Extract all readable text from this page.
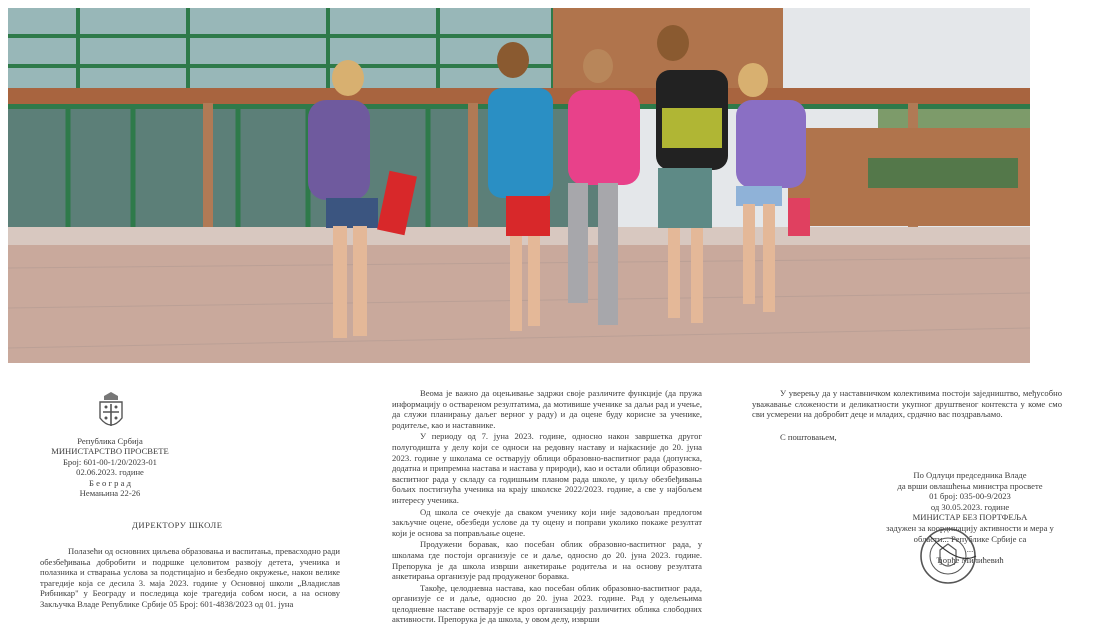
Република Србија
МИНИСТАРСТВО ПРОСВЕТЕ
Број: 601-00-1/20/2023-01
02.06.2023. године
Б е о г р а д
Немањина 22-26
ДИРЕКТОРУ ШКОЛЕ
Полазећи од основних циљева образовања и васпитања, превасходно ради обезбеђивања добробити и подршке целовитом развоју детета, ученика и полазника и стварања услова за подстицајно и безбедно окружење, након велике трагедије која се десила 3. маја 2023. године у Основној школи „Владислав Рибникар" у Београду и последица које трагедија собом носи, а на основу Закључка Владе Републике Србије 05 Број: 601-4838/2023 од 01. јуна

Веома је важно да оцењивање задржи своје различите функције (да пружа информацију о оствареном резултатима, да мотивише ученике за даљи рад и учење, да служи планирању даљег верног у раду) и да оцене буду корисне за ученике, родитеље, као и наставнике.

У периоду од 7. јуна 2023. године, односно након завршетка другог полугодишта у делу који се односи на редовну наставу и најкасније до 20. јуна 2023. године у школама се остварују облици образовно-васпитног рада (допунска, додатна и припремна настава и настава у природи), као и остали облици образовно-васпитног рада у складу са годишњим планом рада школе, у циљу обезбеђивања бољих постигнућа ученика на крају школске 2022/2023. године, а све у најбољем интересу ученика.

Од школа се очекује да сваком ученику који није задовољан предлогом закључне оцене, обезбеди услове да ту оцену и поправи уколико покаже резултат који је основа за поправљање оцене.

Продужени боравак, као посебан облик образовно-васпитног рада, у школама где постоји организује се и даље, односно до 20. јуна 2023. године. Препорука је да школа изврши анкетирање родитеља и на основу резултата анкетирања организује рад продуженог боравка.

Такође, целодневна настава, као посебан облик образовно-васпитног рада, организује се и даље, односно до 20. јуна 2023. године. Рад у одељењима целодневне наставе остварује се кроз организацију различитих облика слободних активности. Препорука је да школа, у овом делу, изврши

У уверењу да у наставничком колективима постоји заједништво, међусобно уважавање сложености и деликатности укупног друштвеног контекста у коме смо сви усмерени на добробит деце и младих, срдачно вас поздрављамо.

С поштовањем,

По Одлуци председника Владе
да врши овлашћења министра просвете
01 број: 035-00-9/2023
од 30.05.2023. године
МИНИСТАР БЕЗ ПОРТФЕЉА
задужен за координацију активности и мера у
области... Републике Србије са
...
Ђорђе Милићевић
